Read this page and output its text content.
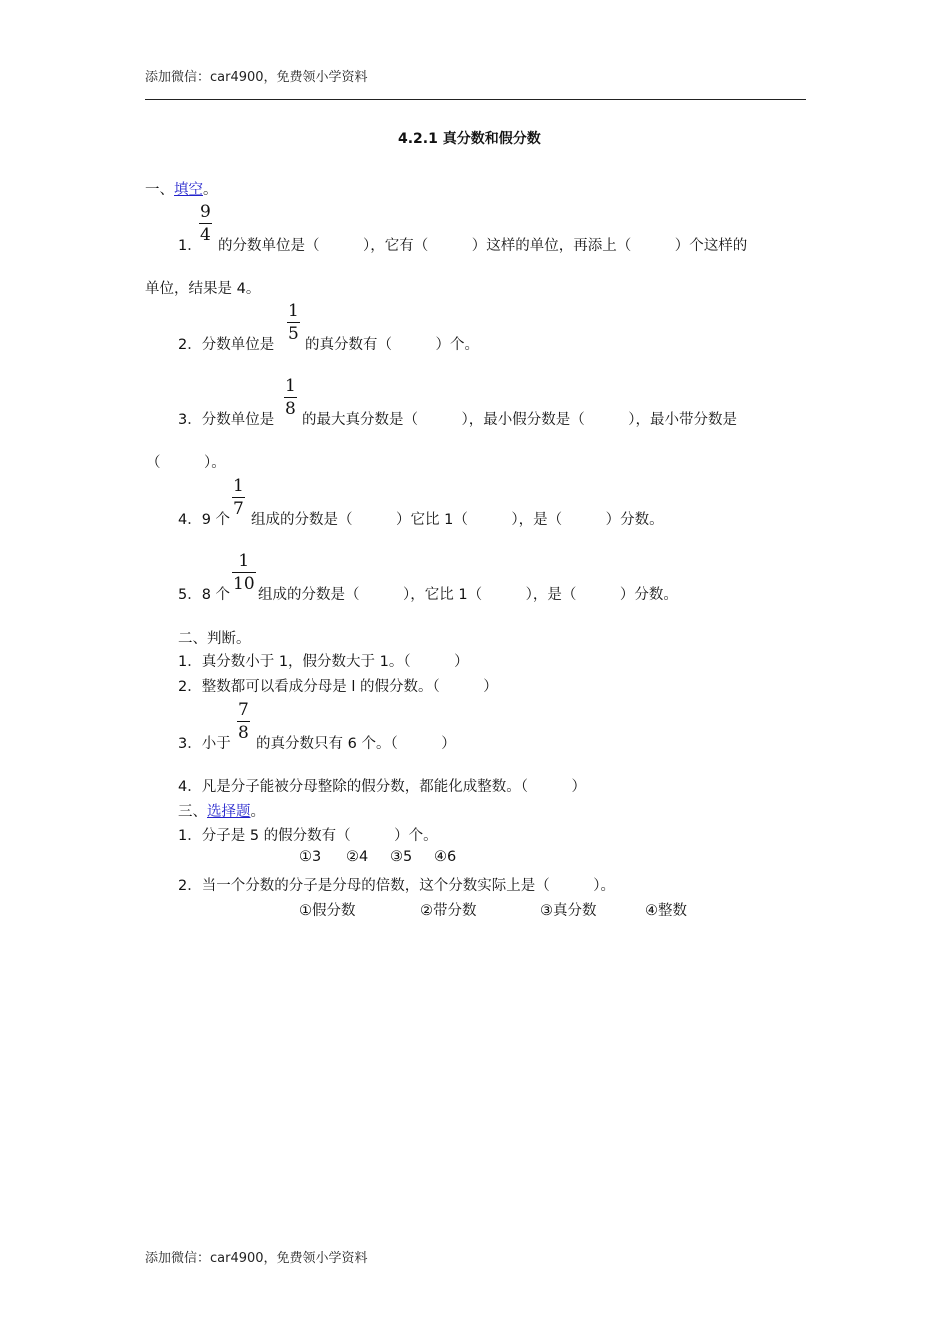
添加微信：car4900，免费领小学资料
4.2.1 真分数和假分数
一、填空。
1．
9
4
的分数单位是（　　　），它有（　　　）这样的单位，再添上（　　　）个这样的
单位，结果是 4。
2．分数单位是
1
5
的真分数有（　　　）个。
3．分数单位是
1
8
的最大真分数是（　　　），最小假分数是（　　　），最小带分数是
（　　　）。
4．9 个
1
7
组成的分数是（　　　）它比 1（　　　），是（　　　）分数。
5．8 个
1
10
组成的分数是（　　　），它比 1（　　　），是（　　　）分数。
二、判断。
1．真分数小于 1，假分数大于 1。（　　　）
2．整数都可以看成分母是 l 的假分数。（　　　）
3．小于
7
8
的真分数只有 6 个。（　　　）
4．凡是分子能被分母整除的假分数，都能化成整数。（　　　）
三、选择题。
1．分子是 5 的假分数有（　　　）个。
①3 ②4 ③5 ④6
2．当一个分数的分子是分母的倍数，这个分数实际上是（　　　）。
①假分数	②带分数	③真分数	④整数
添加微信：car4900，免费领小学资料
